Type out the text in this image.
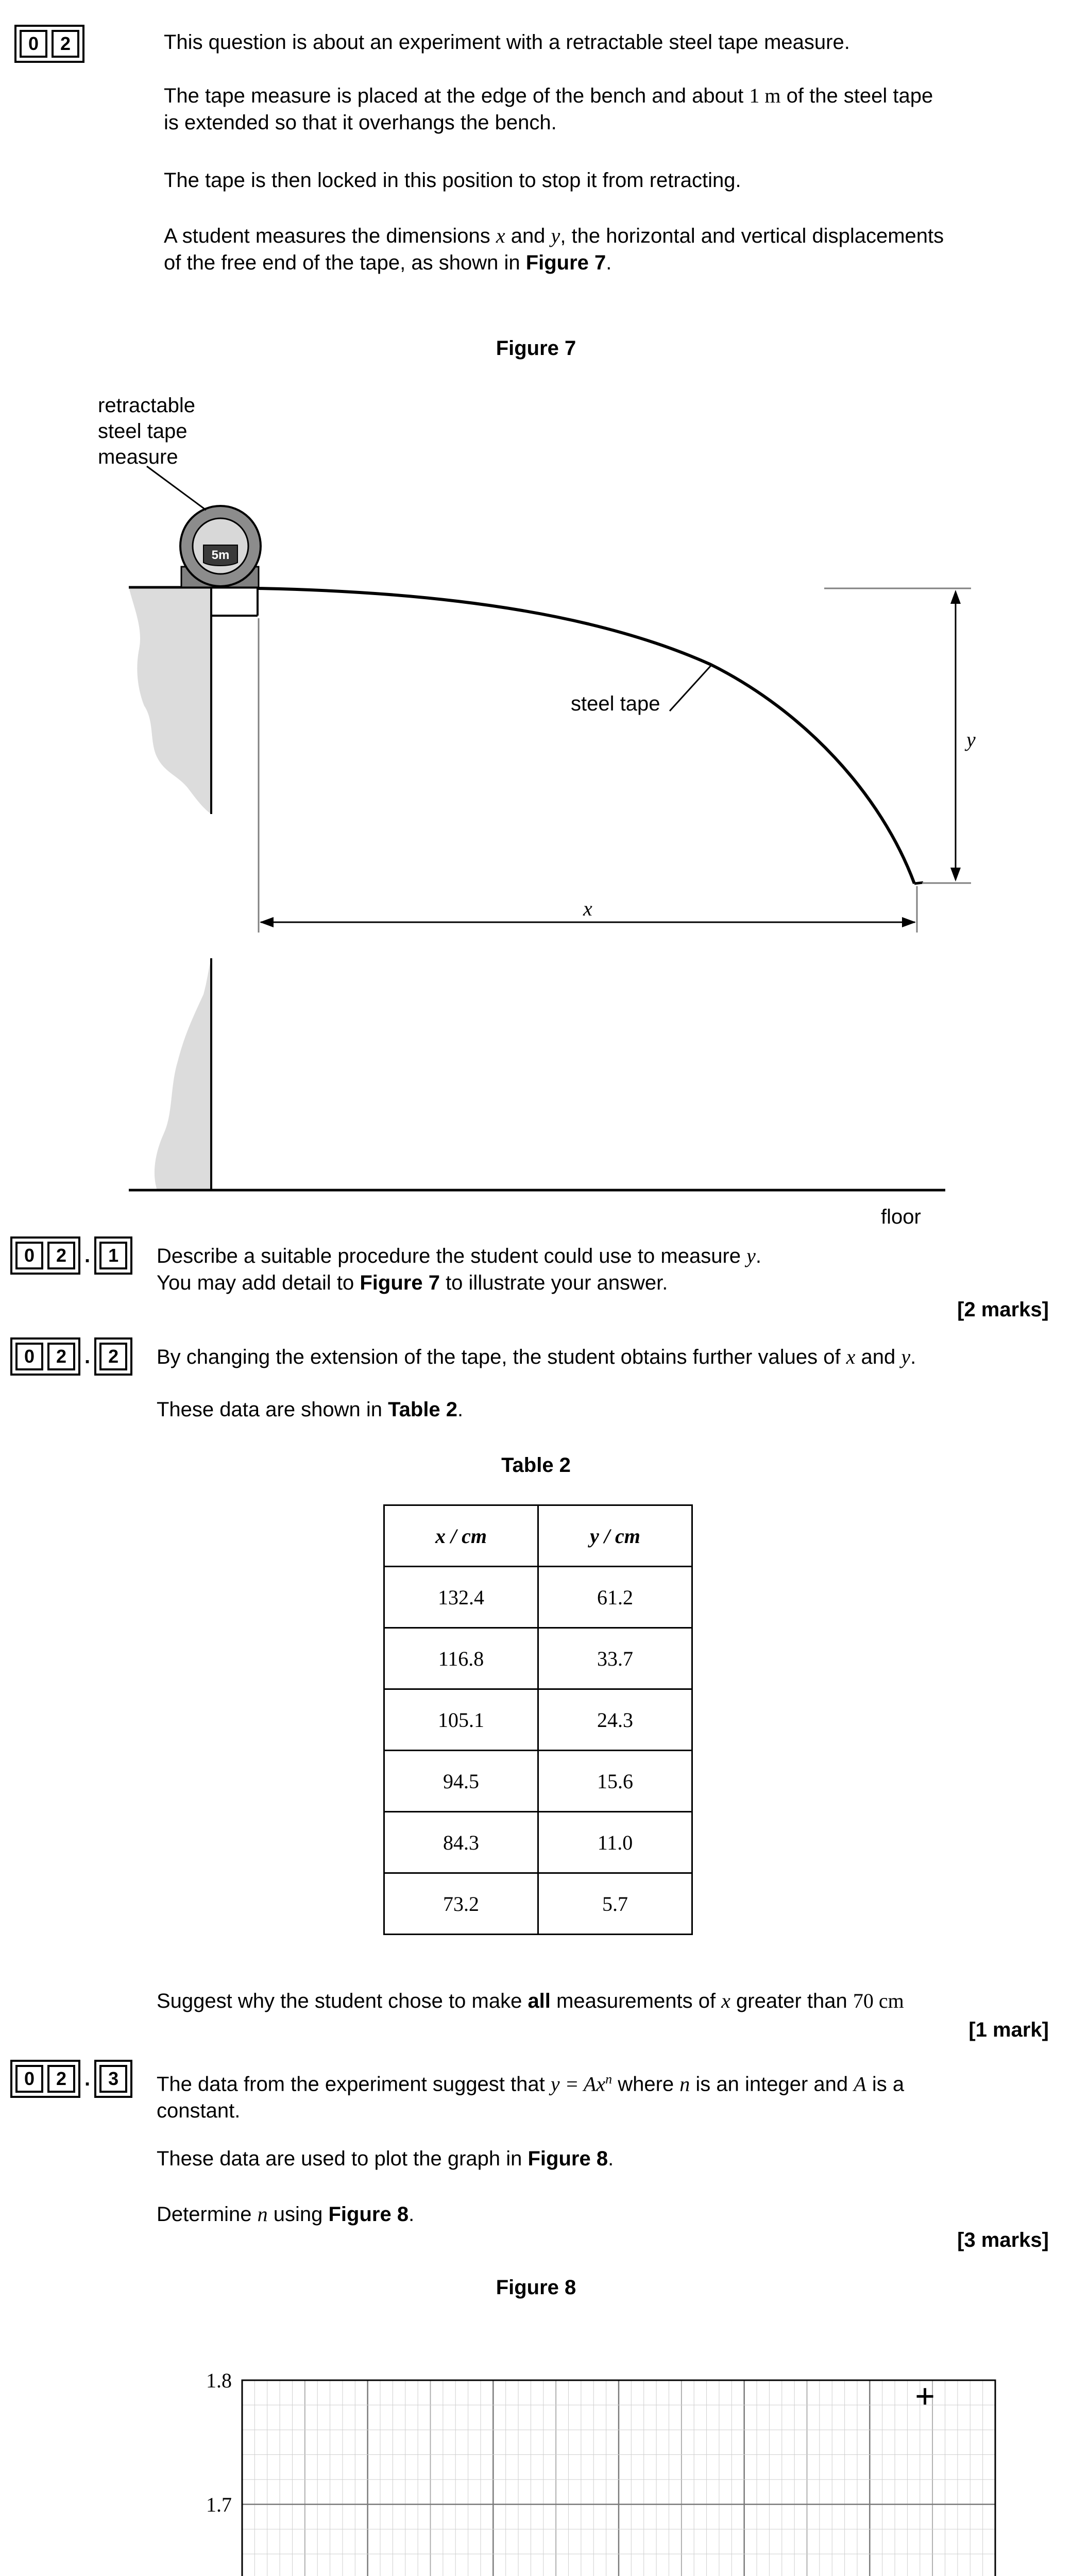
0	2	This question is about an experiment with a retractable steel tape measure.
The tape measure is placed at the edge of the bench and about 1 m of the steel tape
is extended so that it overhangs the bench.
The tape is then locked in this position to stop it from retracting.
A student measures the dimensions x and y, the horizontal and vertical displacements
of the free end of the tape, as shown in Figure 7.
Figure 7
5m
retractable
steel tape
measure
steel tape
y
x
floor
0	2 . 1	Describe a suitable procedure the student could use to measure y.
You may add detail to Figure 7 to illustrate your answer.
[2 marks]
0	2 . 2	By changing the extension of the tape, the student obtains further values of x and y.
These data are shown in Table 2.
Table 2
x / cm	y / cm
132.4	61.2
116.8	33.7
105.1	24.3
94.5	15.6
84.3	11.0
73.2	5.7
Suggest why the student chose to make all measurements of x greater than 70 cm
[1 mark]
0	2 . 3	The data from the experiment suggest that $y = Ax^n$ where n is an integer and A is a
constant.
These data are used to plot the graph in Figure 8.
Determine n using Figure 8.
[3 marks]
Figure 8
1.7
1.8
